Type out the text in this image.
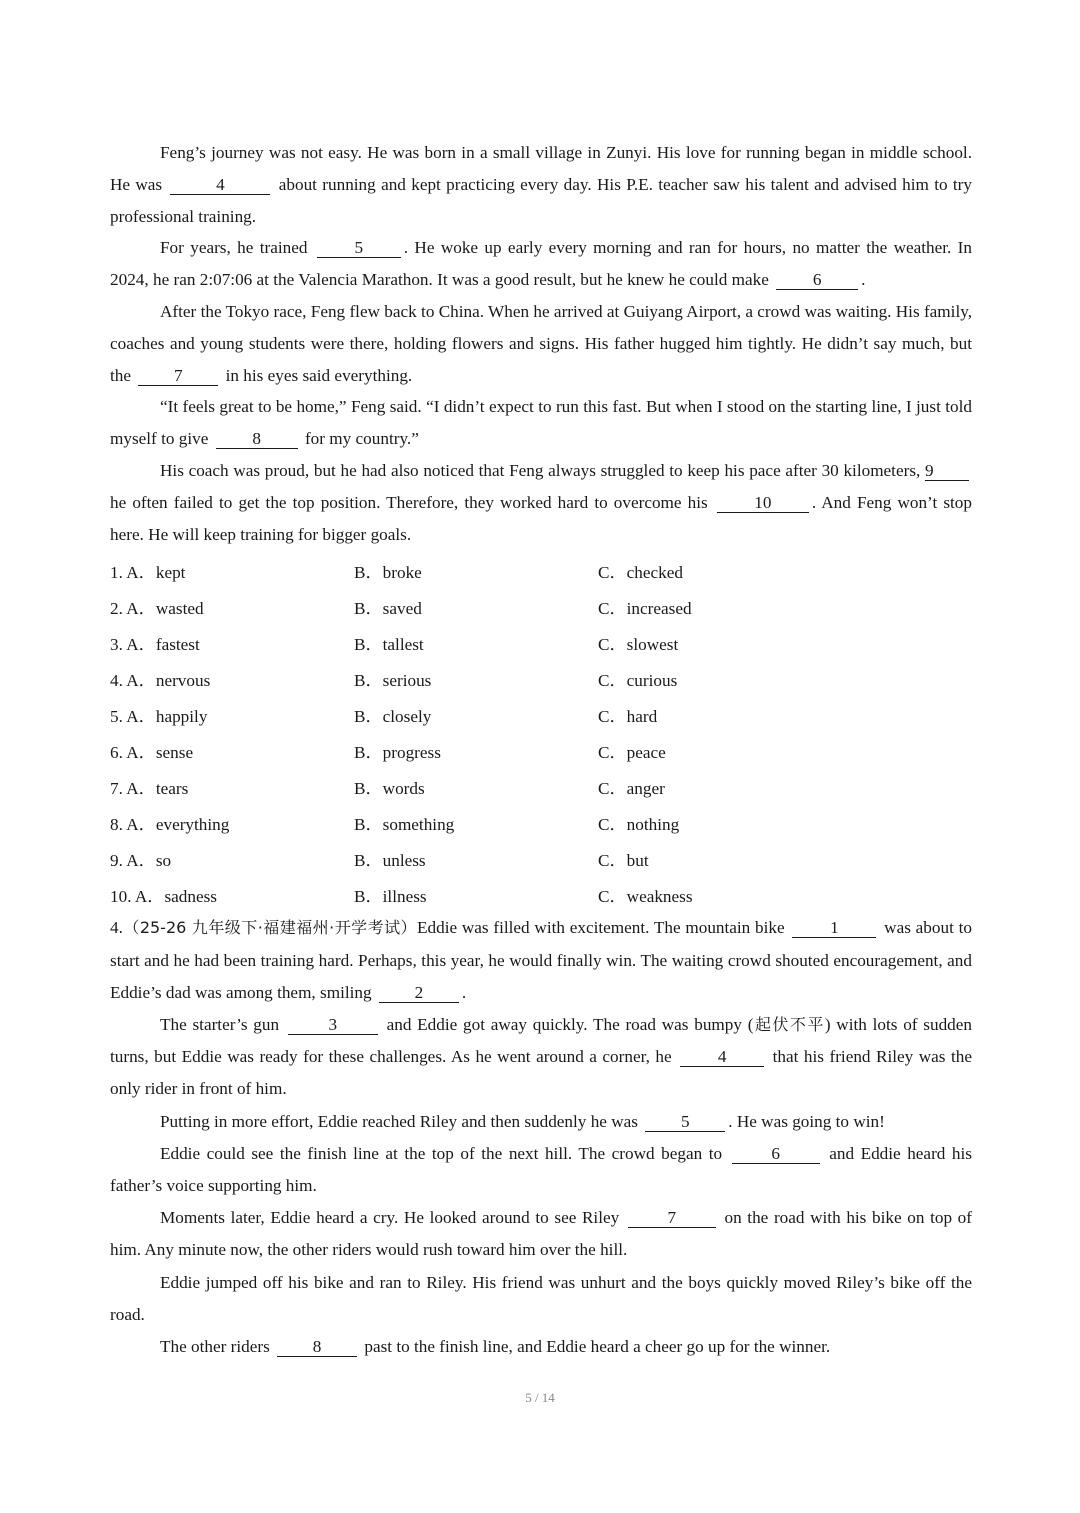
Feng’s journey was not easy. He was born in a small village in Zunyi. His love for running began in middle school. He was	4	about running and kept practicing every day. His P.E. teacher saw his talent and advised him to try professional training.

For years, he trained 5 . He woke up early every morning and ran for hours, no matter the weather. In 2024, he ran 2:07:06 at the Valencia Marathon. It was a good result, but he knew he could make 6 .

After the Tokyo race, Feng flew back to China. When he arrived at Guiyang Airport, a crowd was waiting. His family, coaches and young students were there, holding flowers and signs. His father hugged him tightly. He didn’t say much, but the 7 in his eyes said everything.

“It feels great to be home,” Feng said. “I didn’t expect to run this fast. But when I stood on the starting line, I just told myself to give 8 for my country.”

His coach was proud, but he had also noticed that Feng always struggled to keep his pace after 30 kilometers, 9 he often failed to get the top position. Therefore, they worked hard to overcome his 10 . And Feng won’t stop here. He will keep training for bigger goals.

1. A．kept	B．broke	C．checked
2. A．wasted	B．saved	C．increased
3. A．fastest	B．tallest	C．slowest
4. A．nervous	B．serious	C．curious
5. A．happily	B．closely	C．hard
6. A．sense	B．progress	C．peace
7. A．tears	B．words	C．anger
8. A．everything	B．something	C．nothing
9. A．so	B．unless	C．but
10. A．sadness	B．illness	C．weakness

4.（25-26 九年级下·福建福州·开学考试）Eddie was filled with excitement. The mountain bike 1 was about to start and he had been training hard. Perhaps, this year, he would finally win. The waiting crowd shouted encouragement, and Eddie’s dad was among them, smiling 2 .

The starter’s gun	3	and Eddie got away quickly. The road was bumpy (起伏不平) with lots of sudden turns, but Eddie was ready for these challenges. As he went around a corner, he 4 that his friend Riley was the only rider in front of him.

Putting in more effort, Eddie reached Riley and then suddenly he was 5 . He was going to win!

Eddie could see the finish line at the top of the next hill. The crowd began to 6 and Eddie heard his father’s voice supporting him.

Moments later, Eddie heard a cry. He looked around to see Riley 7 on the road with his bike on top of him. Any minute now, the other riders would rush toward him over the hill.

Eddie jumped off his bike and ran to Riley. His friend was unhurt and the boys quickly moved Riley’s bike off the road.

The other riders 8 past to the finish line, and Eddie heard a cheer go up for the winner.

5 / 14
